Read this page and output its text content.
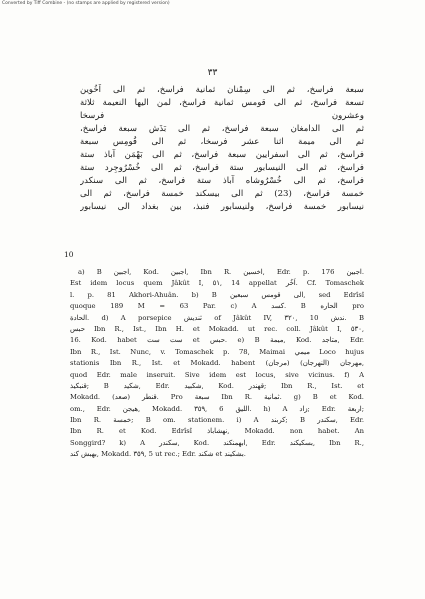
Converted by Tiff Combine - (no stamps are applied by registered version)
٣٣
سبعة فراسخ، ثم الى سِمْنان ثمانية فراسخ، ثم الى اَخُوين
تسعة فراسخ، ثم الى قومس ثمانية فراسخ، لمن اليها النعيمة ثلاثة
وعشرون فرسخا
ثم الى الدامغان سبعة فراسخ، ثم الى بَذَش سبعة فراسخ،
ثم الى ميمة اثنا عشر فرسخا، ثم الى قُومِس سبعة
فراسخ، ثم الى اسفرايين سبعة فراسخ، ثم الى بَهْمَن آباذ ستة
فراسخ، ثم الى النيسابور ستة فراسخ، ثم الى خُسْرُوجِرد ستة
فراسخ، ثم الى خُسْرُوشاه آباذ ستة فراسخ، ثم الى سنكدر
خمسة فراسخ، (23) ثم الى بيسكند خمسة فراسخ، ثم الى
نيسابور خمسة فراسخ، ولنيسابور فنبذ، بين بغداد الى نيسابور
10
a) B اجبين, Kod. اجبين, Ibn R. اخسين, Edr. p. 176 اجبين.
Est idem locus quem Jâkût I, ٥١, 14 appellat اَخُر. Cf. Tomaschek
l. p. 81 Akhori-Ahuân. b) B الى قومس سبعين, sed Edrîsî
quoque 189 M = 63 Par. c) A كسد. B الحاره pro
الحادة. d) A porsepice ثنديش of Jâkût IV, ٣٢٠, 10 ندش. B
حبس Ibn R., Ist., Ibn H. et Mokadd. ut rec. coll. Jâkût I, ٥٣٠,
16. Kod. habet ست ست et حبس. e) B ميمة, Kod. متاجد, Edr.
Ibn R., Ist. Nunc, v. Tomaschek p. 78, Maimai ميمي Loco hujus
stationis Ibn R., Ist. et Mokadd. habent مهرجان (النهرجان) (مرجان),
quod Edr. male inseruit. Sive idem est locus, sive vicinus. f) A
قنبكيذ; B شكيد, Edr. شكبيد, Kod. قهندر; Ibn R., Ist. et
Mokadd. قنطر (صعد). Pro سبعة Ibn R. ثمانية. g) B et Kod.
om., Edr. هيجن, Mokadd. ٣٥٩, 6 الليق. h) A زاد; Edr. اربعة;
Ibn R. خمسة; B om. stationem. i) A كربند; B سكندر, Edr.
Ibn R. et Kod. Edrîsî نهشاباذ, Mokadd. non habet. An
Songgird? k) A سكندر, Kod. ابهمنكند, Edr. بسكيكند, Ibn R.,
بهبش كند, Mokadd. ٣٥٩, 5 ut rec.; Edr. شكند et بشكيند.
